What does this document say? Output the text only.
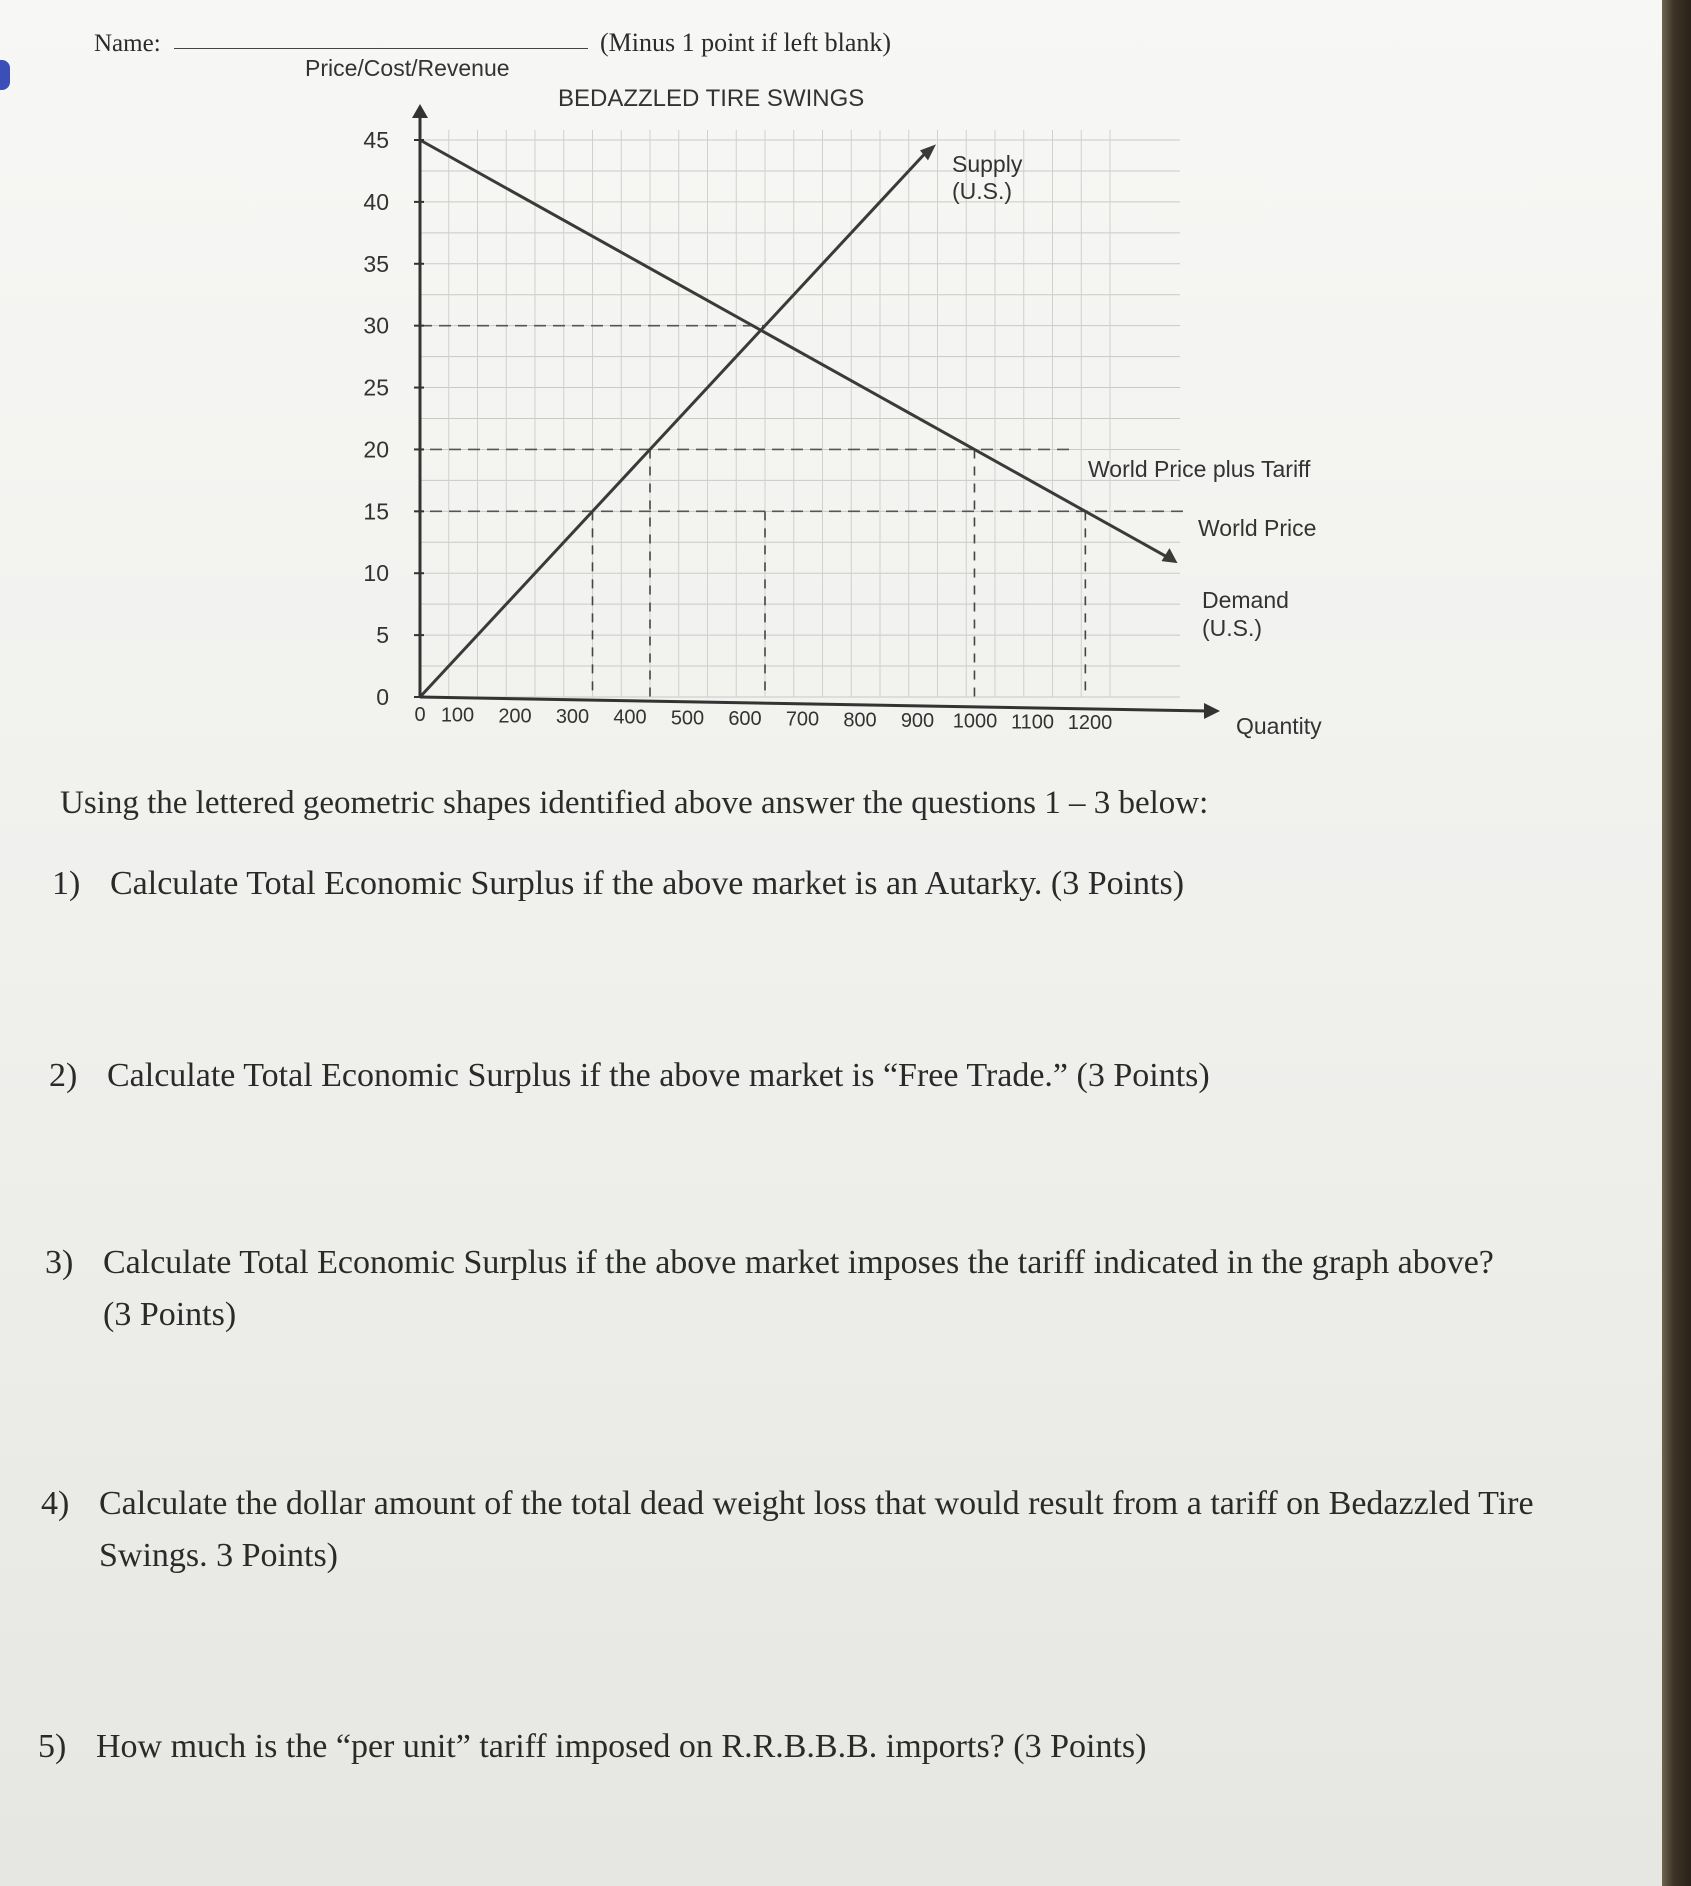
Name:	(Minus 1 point if left blank)
0
5
10
15
20
25
30
35
40
45
0 100 200 300 400 500 600 700 800 900 1000 1100 1200
BEDAZZLED TIRE SWINGS
Price/Cost/Revenue
Quantity
Supply
(U.S.)
World Price plus Tariff
World Price
Demand
(U.S.)
Using the lettered geometric shapes identified above answer the questions 1 – 3 below:
1) Calculate Total Economic Surplus if the above market is an Autarky. (3 Points)
2) Calculate Total Economic Surplus if the above market is “Free Trade.” (3 Points)
3) Calculate Total Economic Surplus if the above market imposes the tariff indicated in the graph above?
(3 Points)
4) Calculate the dollar amount of the total dead weight loss that would result from a tariff on Bedazzled Tire
Swings. 3 Points)
5) How much is the “per unit” tariff imposed on R.R.B.B.B. imports? (3 Points)
